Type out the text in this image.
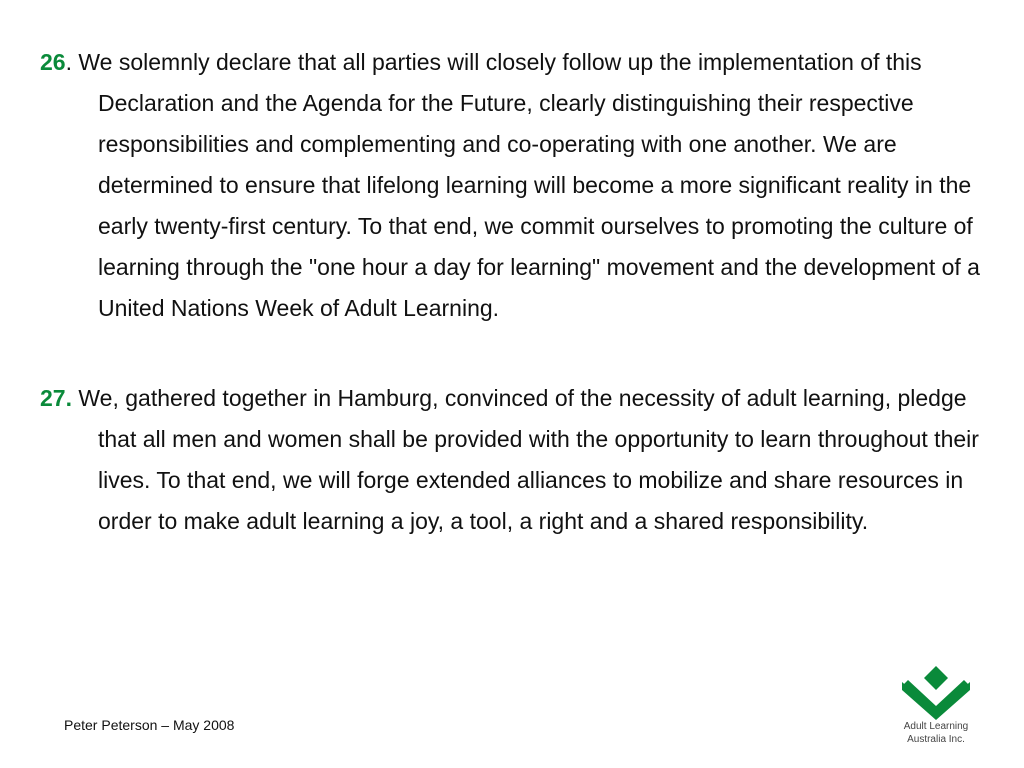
26. We solemnly declare that all parties will closely follow up the implementation of this Declaration and the Agenda for the Future, clearly distinguishing their respective responsibilities and complementing and co-operating with one another. We are determined to ensure that lifelong learning will become a more significant reality in the early twenty-first century. To that end, we commit ourselves to promoting the culture of learning through the "one hour a day for learning" movement and the development of a United Nations Week of Adult Learning.

27. We, gathered together in Hamburg, convinced of the necessity of adult learning, pledge that all men and women shall be provided with the opportunity to learn throughout their lives. To that end, we will forge extended alliances to mobilize and share resources in order to make adult learning a joy, a tool, a right and a shared responsibility.

Peter Peterson – May 2008	Adult Learning
Australia Inc.
